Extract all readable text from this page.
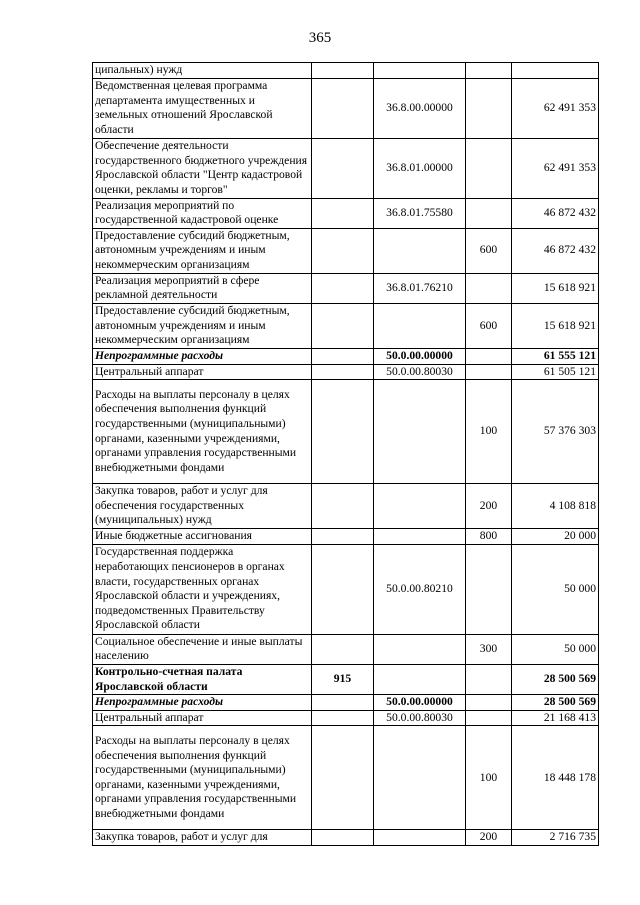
365
ципальных) нужд				
Ведомственная целевая программа департамента имущественных и земельных отношений Ярославской области		36.8.00.00000		62 491 353
Обеспечение деятельности государственного бюджетного учреждения Ярославской области "Центр кадастровой оценки, рекламы и торгов"		36.8.01.00000		62 491 353
Реализация мероприятий по государственной кадастровой оценке		36.8.01.75580		46 872 432
Предоставление субсидий бюджетным, автономным учреждениям и иным некоммерческим организациям			600	46 872 432
Реализация мероприятий в сфере рекламной деятельности		36.8.01.76210		15 618 921
Предоставление субсидий бюджетным, автономным учреждениям и иным некоммерческим организациям			600	15 618 921
Непрограммные расходы		50.0.00.00000		61 555 121
Центральный аппарат		50.0.00.80030		61 505 121
Расходы на выплаты персоналу в целях обеспечения выполнения функций государственными (муниципальными) органами, казенными учреждениями, органами управления государственными внебюджетными фондами			100	57 376 303
Закупка товаров, работ и услуг для обеспечения государственных (муниципальных) нужд			200	4 108 818
Иные бюджетные ассигнования			800	20 000
Государственная поддержка неработающих пенсионеров в органах власти, государственных органах Ярославской области и учреждениях, подведомственных Правительству Ярославской области		50.0.00.80210		50 000
Социальное обеспечение и иные выплаты населению			300	50 000
Контрольно-счетная палата Ярославской области	915			28 500 569
Непрограммные расходы		50.0.00.00000		28 500 569
Центральный аппарат		50.0.00.80030		21 168 413
Расходы на выплаты персоналу в целях обеспечения выполнения функций государственными (муниципальными) органами, казенными учреждениями, органами управления государственными внебюджетными фондами			100	18 448 178
Закупка товаров, работ и услуг для			200	2 716 735
